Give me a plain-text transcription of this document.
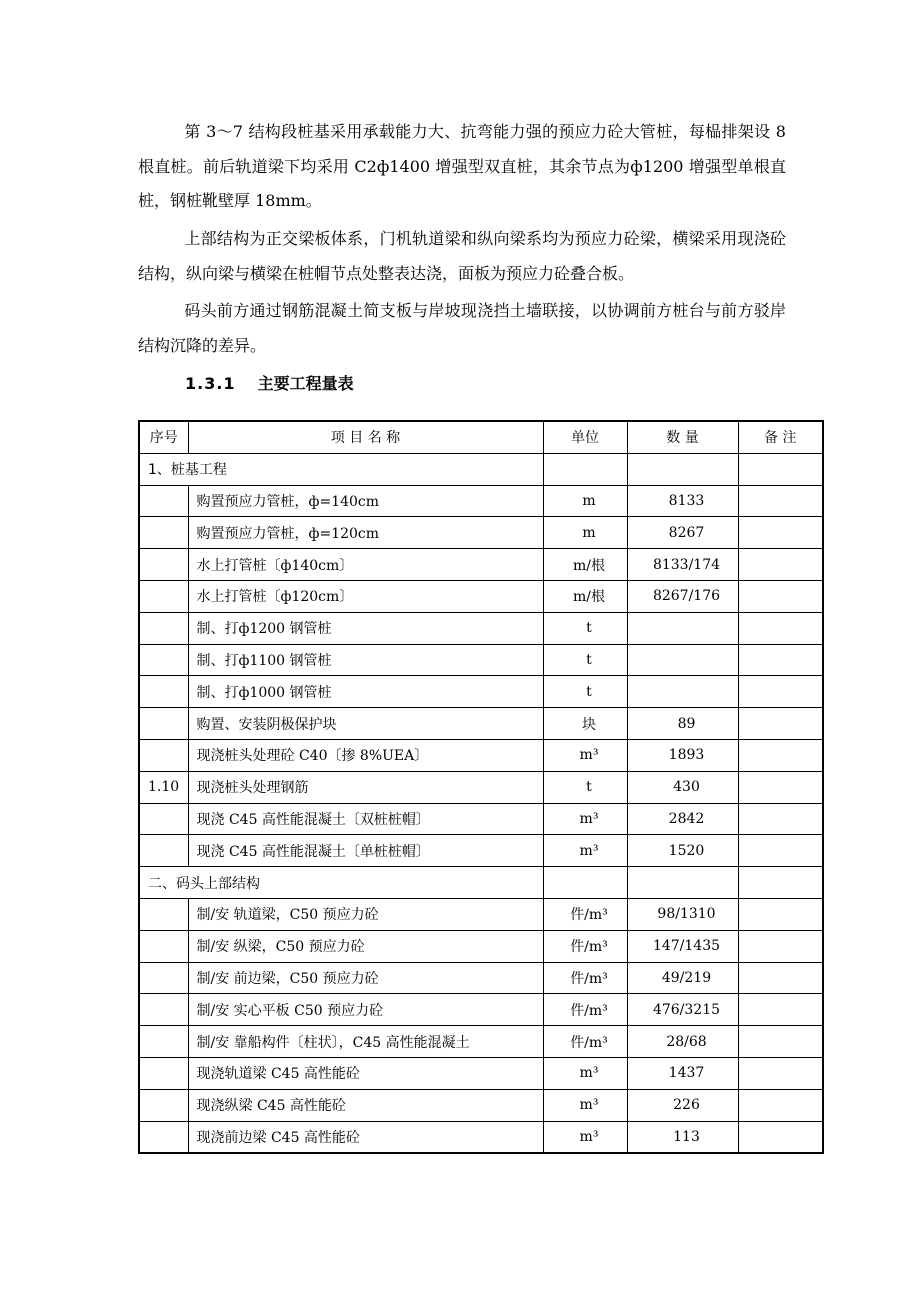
第 3～7 结构段桩基采用承载能力大、抗弯能力强的预应力砼大管桩，每榀排架设 8 根直桩。前后轨道梁下均采用 C2ф1400 增强型双直桩，其余节点为ф1200 增强型单根直桩，钢桩靴壁厚 18mm。

上部结构为正交梁板体系，门机轨道梁和纵向梁系均为预应力砼梁，横梁采用现浇砼结构，纵向梁与横梁在桩帽节点处整表达浇，面板为预应力砼叠合板。

码头前方通过钢筋混凝土简支板与岸坡现浇挡土墙联接，以协调前方桩台与前方驳岸结构沉降的差异。

1.3.1 主要工程量表
序号	项 目 名 称	单位	数 量	备 注
1、桩基工程				
	购置预应力管桩，ф=140cm	m	8133	
	购置预应力管桩，ф=120cm	m	8267	
	水上打管桩〔ф140cm〕	m/根	8133/174	
	水上打管桩〔ф120cm〕	m/根	8267/176	
	制、打ф1200 钢管桩	t		
	制、打ф1100 钢管桩	t		
	制、打ф1000 钢管桩	t		
	购置、安装阴极保护块	块	89	
	现浇桩头处理砼 C40〔掺 8%UEA〕	m³	1893	
1.10	现浇桩头处理钢筋	t	430	
	现浇 C45 高性能混凝土〔双桩桩帽〕	m³	2842	
	现浇 C45 高性能混凝土〔单桩桩帽〕	m³	1520	
二、码头上部结构				
	制/安 轨道梁，C50 预应力砼	件/m³	98/1310	
	制/安 纵梁，C50 预应力砼	件/m³	147/1435	
	制/安 前边梁，C50 预应力砼	件/m³	49/219	
	制/安 实心平板 C50 预应力砼	件/m³	476/3215	
	制/安 靠船构件〔柱状〕，C45 高性能混凝土	件/m³	28/68	
	现浇轨道梁 C45 高性能砼	m³	1437	
	现浇纵梁 C45 高性能砼	m³	226	
	现浇前边梁 C45 高性能砼	m³	113	
